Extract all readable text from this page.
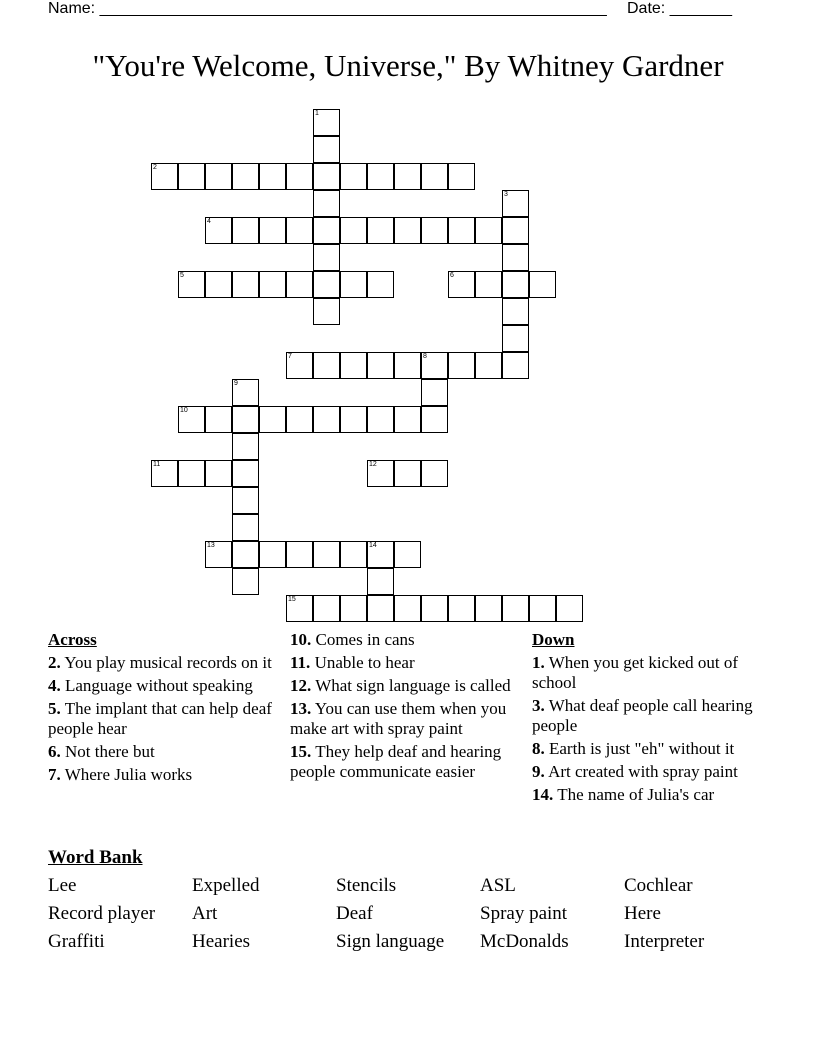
Name: _________________________________________________________ Date: _______
"You're Welcome, Universe," By Whitney Gardner
1
2
3
4
5	6
7	8
9
10
11	12
13	14
15
Across
2. You play musical records on it
4. Language without speaking
5. The implant that can help deaf people hear
6. Not there but
7. Where Julia works
10. Comes in cans
11. Unable to hear
12. What sign language is called
13. You can use them when you make art with spray paint
15. They help deaf and hearing people communicate easier
Down
1. When you get kicked out of school
3. What deaf people call hearing people
8. Earth is just "eh" without it
9. Art created with spray paint
14. The name of Julia's car
Word Bank
Lee	Expelled	Stencils	ASL	Cochlear
Record player	Art	Deaf	Spray paint	Here
Graffiti	Hearies	Sign language	McDonalds	Interpreter
